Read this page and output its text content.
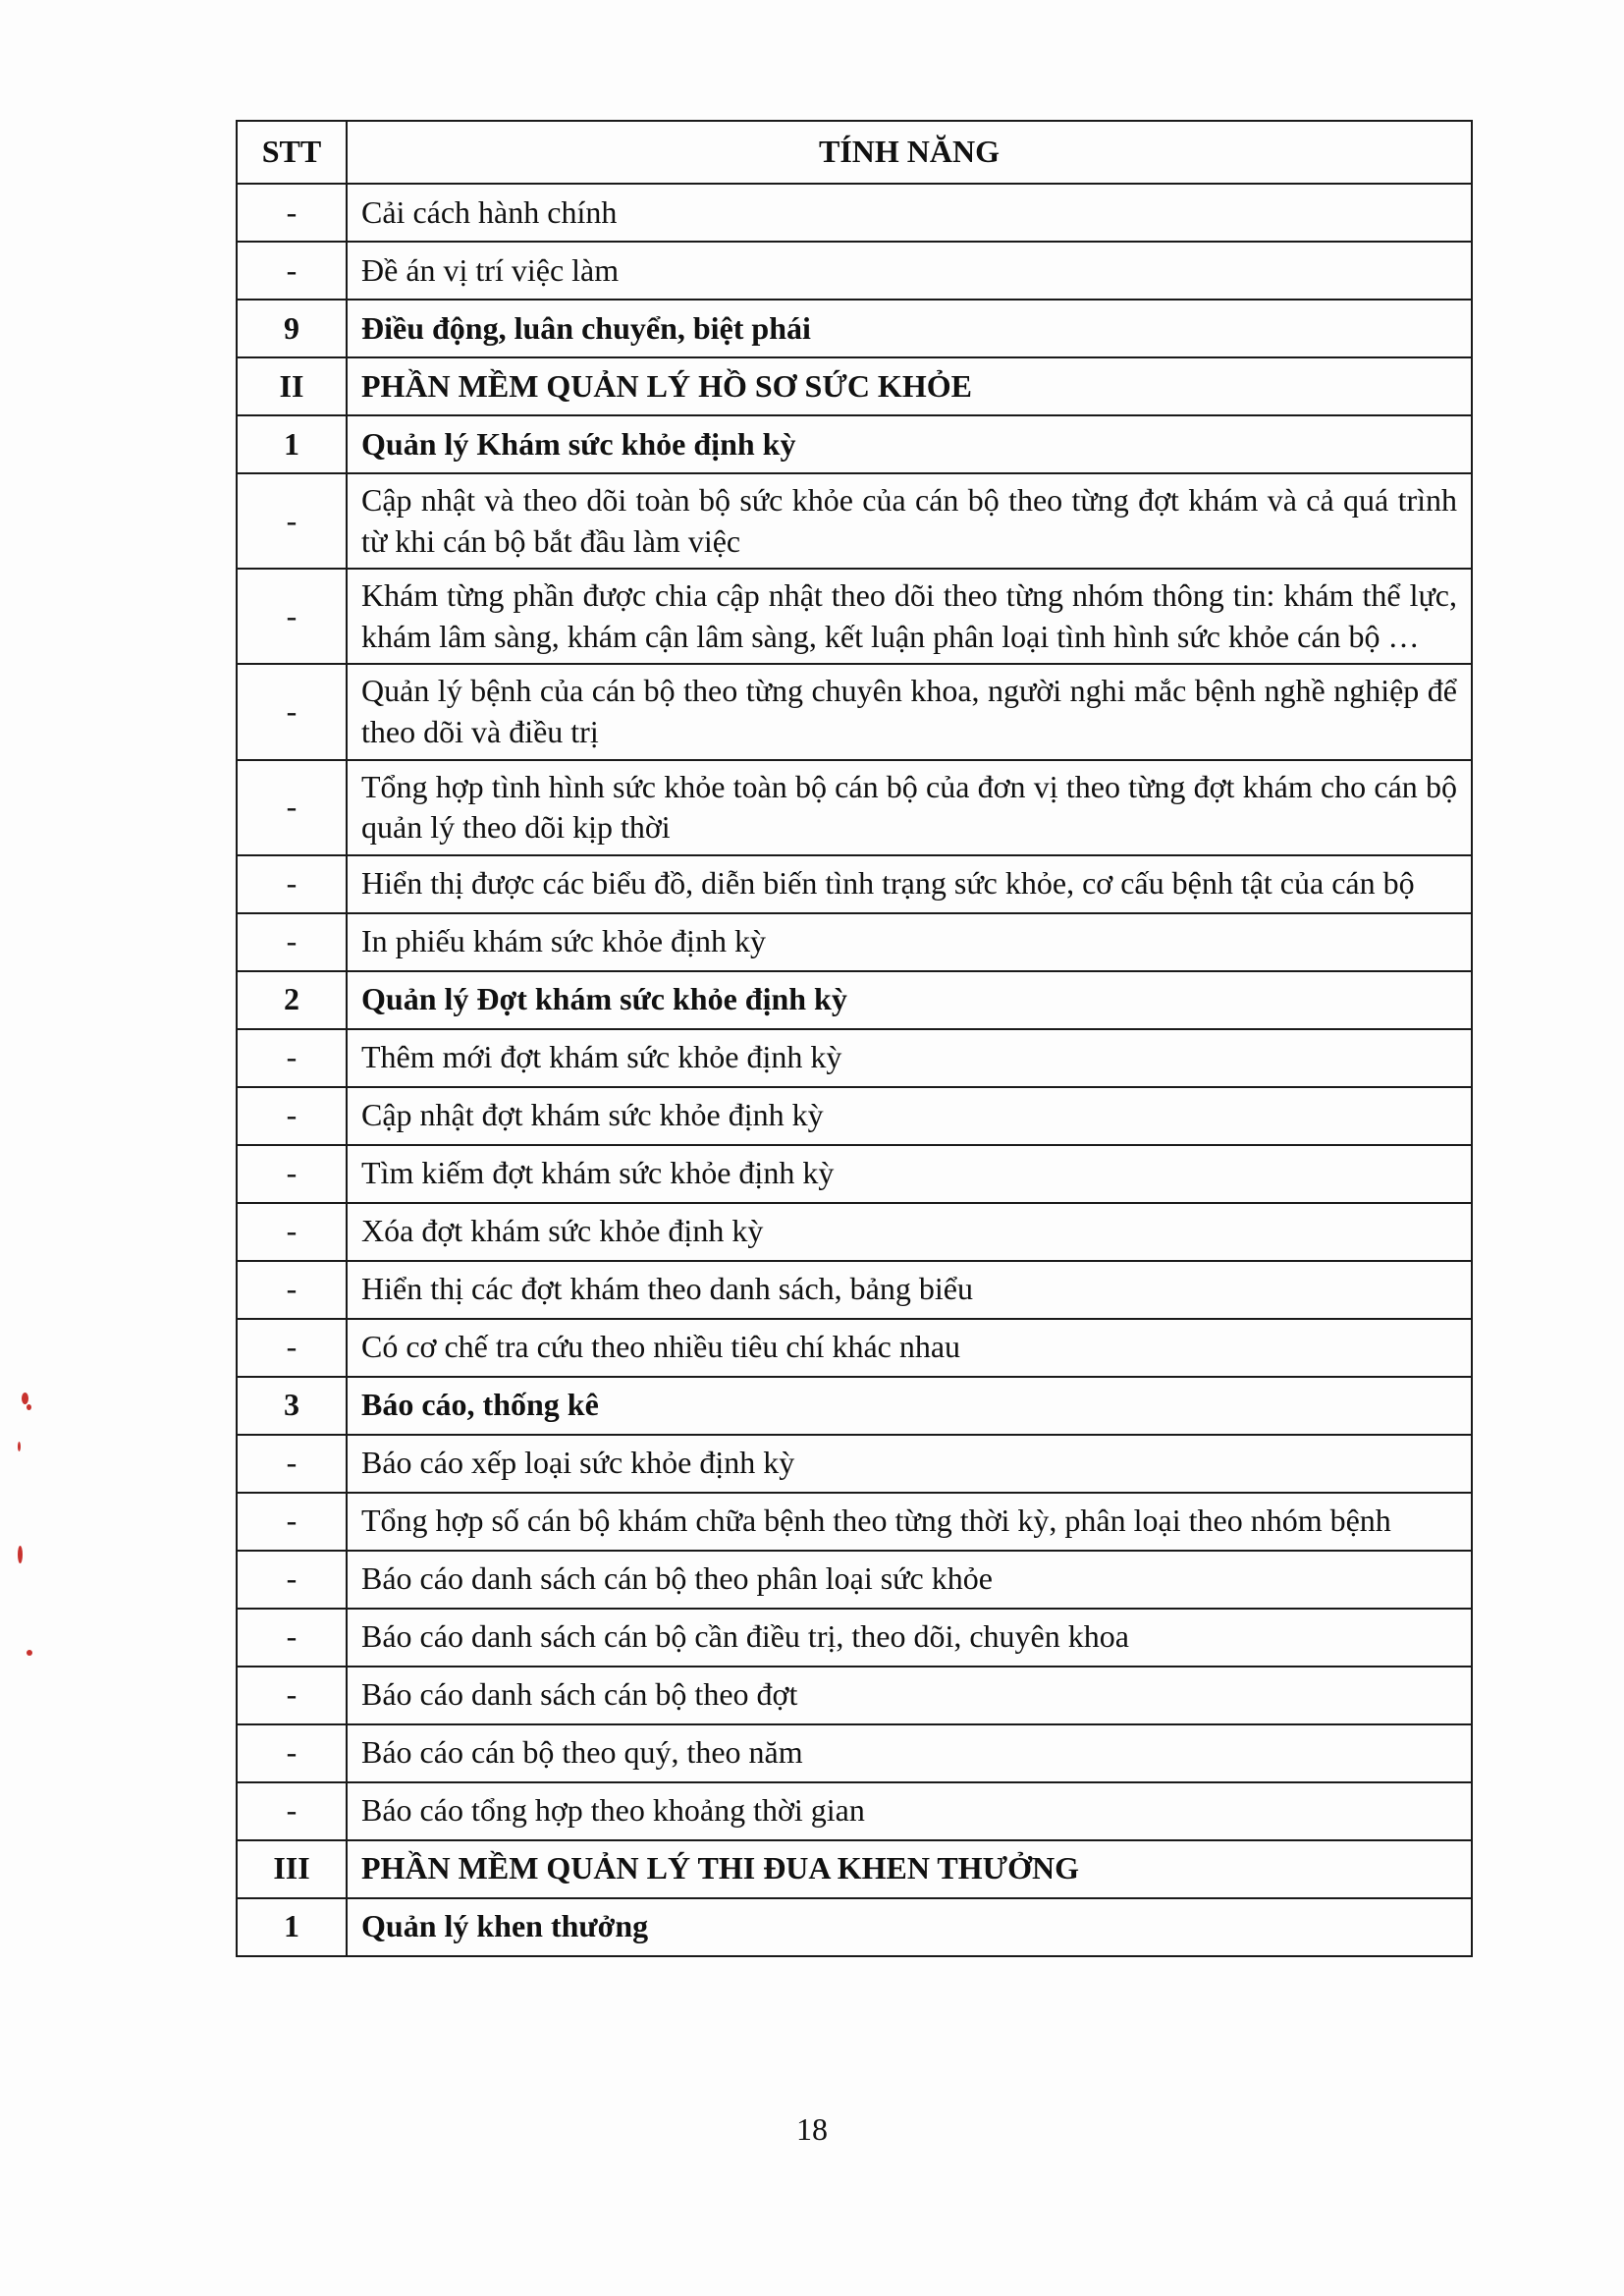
STT	TÍNH NĂNG
-	Cải cách hành chính
-	Đề án vị trí việc làm
9	Điều động, luân chuyển, biệt phái
II	PHẦN MỀM QUẢN LÝ HỒ SƠ SỨC KHỎE
1	Quản lý Khám sức khỏe định kỳ
-	Cập nhật và theo dõi toàn bộ sức khỏe của cán bộ theo từng đợt khám và cả quá trình từ khi cán bộ bắt đầu làm việc
-	Khám từng phần được chia cập nhật theo dõi theo từng nhóm thông tin: khám thể lực, khám lâm sàng, khám cận lâm sàng, kết luận phân loại tình hình sức khỏe cán bộ …
-	Quản lý bệnh của cán bộ theo từng chuyên khoa, người nghi mắc bệnh nghề nghiệp để theo dõi và điều trị
-	Tổng hợp tình hình sức khỏe toàn bộ cán bộ của đơn vị theo từng đợt khám cho cán bộ quản lý theo dõi kịp thời
-	Hiển thị được các biểu đồ, diễn biến tình trạng sức khỏe, cơ cấu bệnh tật của cán bộ
-	In phiếu khám sức khỏe định kỳ
2	Quản lý Đợt khám sức khỏe định kỳ
-	Thêm mới đợt khám sức khỏe định kỳ
-	Cập nhật đợt khám sức khỏe định kỳ
-	Tìm kiếm đợt khám sức khỏe định kỳ
-	Xóa đợt khám sức khỏe định kỳ
-	Hiển thị các đợt khám theo danh sách, bảng biểu
-	Có cơ chế tra cứu theo nhiều tiêu chí khác nhau
3	Báo cáo, thống kê
-	Báo cáo xếp loại sức khỏe định kỳ
-	Tổng hợp số cán bộ khám chữa bệnh theo từng thời kỳ, phân loại theo nhóm bệnh
-	Báo cáo danh sách cán bộ theo phân loại sức khỏe
-	Báo cáo danh sách cán bộ cần điều trị, theo dõi, chuyên khoa
-	Báo cáo danh sách cán bộ theo đợt
-	Báo cáo cán bộ theo quý, theo năm
-	Báo cáo tổng hợp theo khoảng thời gian
III	PHẦN MỀM QUẢN LÝ THI ĐUA KHEN THƯỞNG
1	Quản lý khen thưởng
18
